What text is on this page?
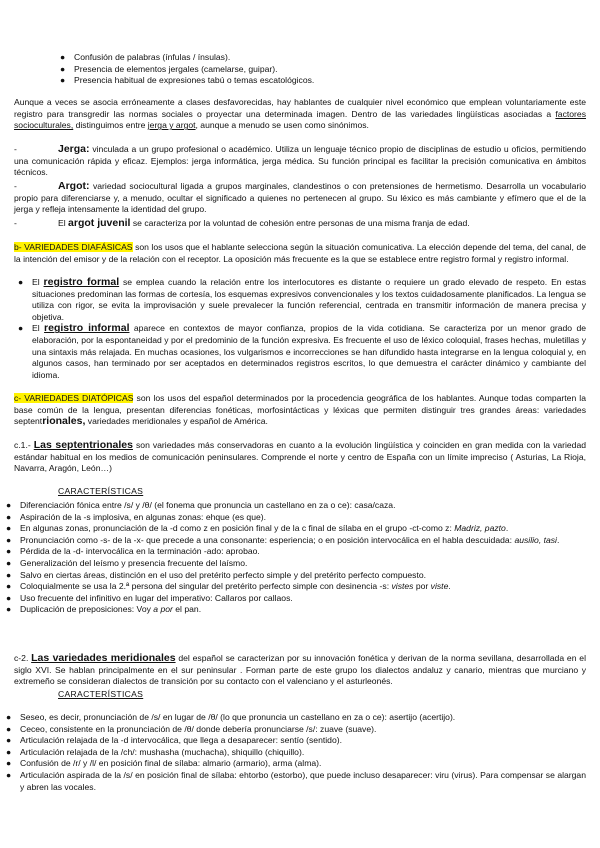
● Confusión de palabras (ínfulas / ínsulas).
● Presencia de elementos jergales (camelarse, guipar).
● Presencia habitual de expresiones tabú o temas escatológicos.

Aunque a veces se asocia erróneamente a clases desfavorecidas, hay hablantes de cualquier nivel económico que emplean voluntariamente este registro para transgredir las normas sociales o proyectar una determinada imagen. Dentro de las variedades lingüísticas asociadas a factores socioculturales, distinguimos entre jerga y argot, aunque a menudo se usen como sinónimos.

-	Jerga: vinculada a un grupo profesional o académico. Utiliza un lenguaje técnico propio de disciplinas de estudio u oficios, permitiendo una comunicación rápida y eficaz. Ejemplos: jerga informática, jerga médica. Su función principal es facilitar la precisión comunicativa en ámbitos técnicos.

-	Argot: variedad sociocultural ligada a grupos marginales, clandestinos o con pretensiones de hermetismo. Desarrolla un vocabulario propio para diferenciarse y, a menudo, ocultar el significado a quienes no pertenecen al grupo. Su léxico es más cambiante y efímero que el de la jerga y refleja intensamente la identidad del grupo.

-	El argot juvenil se caracteriza por la voluntad de cohesión entre personas de una misma franja de edad.

b- VARIEDADES DIAFÁSICAS son los usos que el hablante selecciona según la situación comunicativa. La elección depende del tema, del canal, de la intención del emisor y de la relación con el receptor. La oposición más frecuente es la que se establece entre registro formal y registro informal.

● El registro formal se emplea cuando la relación entre los interlocutores es distante o requiere un grado elevado de respeto. En estas situaciones predominan las formas de cortesía, los esquemas expresivos convencionales y los textos cuidadosamente planificados. La lengua se utiliza con rigor, se evita la improvisación y suele prevalecer la función referencial, centrada en transmitir información de manera precisa y objetiva.
● El registro informal aparece en contextos de mayor confianza, propios de la vida cotidiana. Se caracteriza por un menor grado de elaboración, por la espontaneidad y por el predominio de la función expresiva. Es frecuente el uso de léxico coloquial, frases hechas, muletillas y una sintaxis más relajada. En muchas ocasiones, los vulgarismos e incorrecciones se han difundido hasta integrarse en la lengua coloquial y, en algunos casos, han terminado por ser aceptados en determinados registros escritos, lo que demuestra el carácter dinámico y cambiante del idioma.

c- VARIEDADES DIATÓPICAS son los usos del español determinados por la procedencia geográfica de los hablantes. Aunque todas comparten la base común de la lengua, presentan diferencias fonéticas, morfosintácticas y léxicas que permiten distinguir tres grandes áreas: variedades septentrionales, variedades meridionales y español de América.

c.1.- Las septentrionales son variedades más conservadoras en cuanto a la evolución lingüística y coinciden en gran medida con la variedad estándar habitual en los medios de comunicación peninsulares. Comprende el norte y centro de España con un límite impreciso ( Asturias, La Rioja, Navarra, Aragón, León…)

CARACTERÍSTICAS

● Diferenciación fónica entre /s/ y /θ/ (el fonema que pronuncia un castellano en za o ce): casa/caza.
● Aspiración de la -s implosiva, en algunas zonas: ehque (es que).
● En algunas zonas, pronunciación de la -d como z en posición final y de la c final de sílaba en el grupo -ct-como z: Madriz, pazto.
● Pronunciación como -s- de la -x- que precede a una consonante: esperiencia; o en posición intervocálica en el habla descuidada: ausilio, tasi.
● Pérdida de la -d- intervocálica en la terminación -ado: aprobao.
● Generalización del leísmo y presencia frecuente del laísmo.
● Salvo en ciertas áreas, distinción en el uso del pretérito perfecto simple y del pretérito perfecto compuesto.
● Coloquialmente se usa la 2.ª persona del singular del pretérito perfecto simple con desinencia -s: vistes por viste.
● Uso frecuente del infinitivo en lugar del imperativo: Callaros por callaos.
● Duplicación de preposiciones: Voy a por el pan.

c-2. Las variedades meridionales del español se caracterizan por su innovación fonética y derivan de la norma sevillana, desarrollada en el siglo XVI. Se hablan principalmente en el sur peninsular . Forman parte de este grupo los dialectos andaluz y canario, mientras que murciano y extremeño se consideran dialectos de transición por su contacto con el valenciano y el asturleonés.

CARACTERÍSTICAS

● Seseo, es decir, pronunciación de /s/ en lugar de /θ/ (lo que pronuncia un castellano en za o ce): asertijo (acertijo).
● Ceceo, consistente en la pronunciación de /θ/ donde debería pronunciarse /s/: zuave (suave).
● Articulación relajada de la -d intervocálica, que llega a desaparecer: sentío (sentido).
● Articulación relajada de la /ch/: mushasha (muchacha), shiquillo (chiquillo).
● Confusión de /r/ y /l/ en posición final de sílaba: almario (armario), arma (alma).
● Articulación aspirada de la /s/ en posición final de sílaba: ehtorbo (estorbo), que puede incluso desaparecer: viru (virus). Para compensar se alargan y abren las vocales.
